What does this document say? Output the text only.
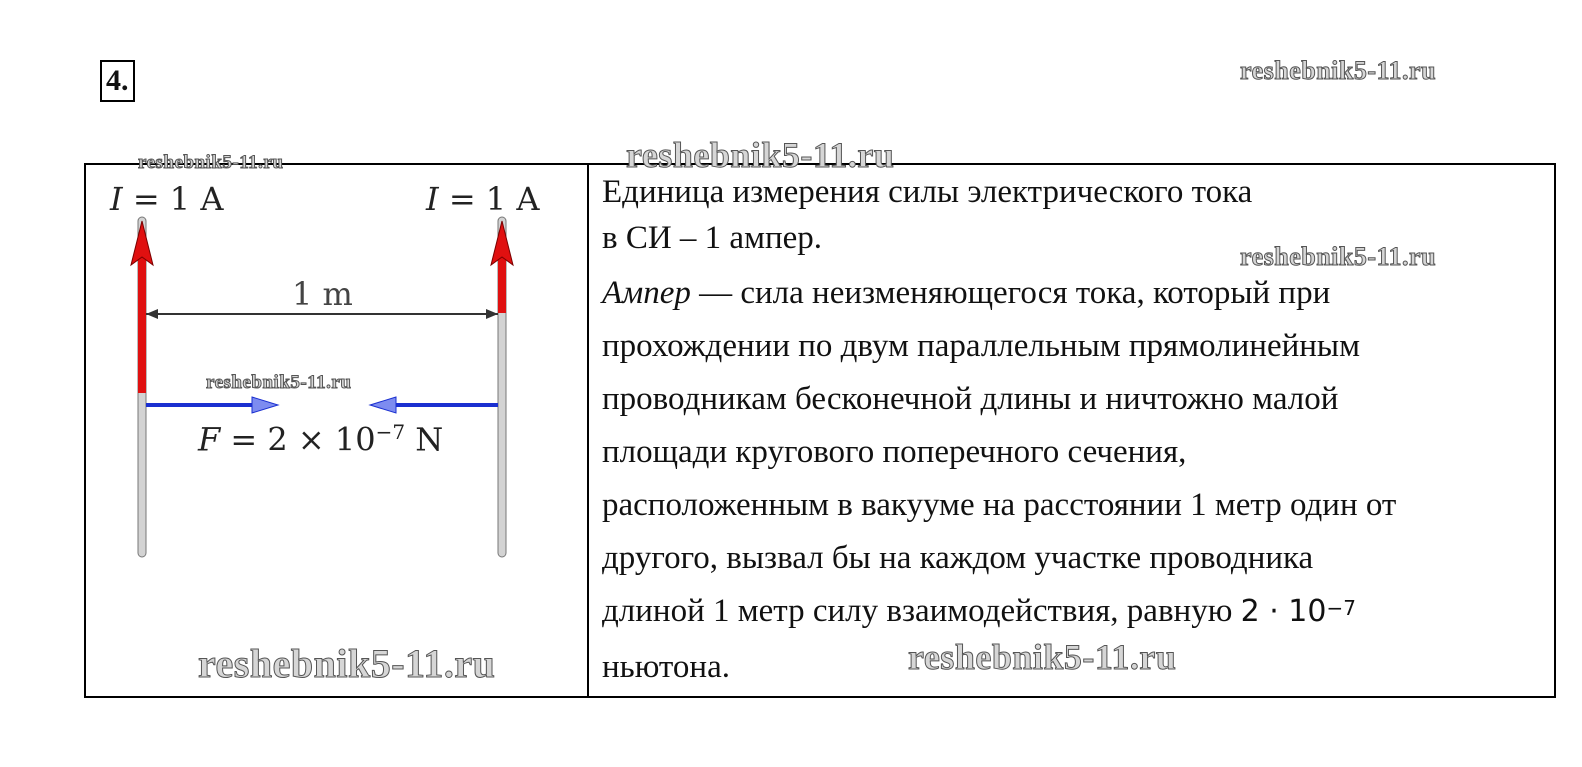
4.	reshebnik5-11.ru
I = 1 A	I = 1 A
1 m
$F = 2 \times 10^{-7}$ N

Единица измерения силы электрического тока

в СИ – 1 ампер.

Ампер — сила неизменяющегося тока, который при

прохождении по двум параллельным прямолинейным

проводникам бесконечной длины и ничтожно малой

площади кругового поперечного сечения,

расположенным в вакууме на расстоянии 1 метр один от

другого, вызвал бы на каждом участке проводника

длиной 1 метр силу взаимодействия, равную $2 \cdot 10^{-7}$

ньютона.

reshebnik5-11.ru	reshebnik5-11.ru
reshebnik5-11.ru
reshebnik5-11.ru
reshebnik5-11.ru	reshebnik5-11.ru
